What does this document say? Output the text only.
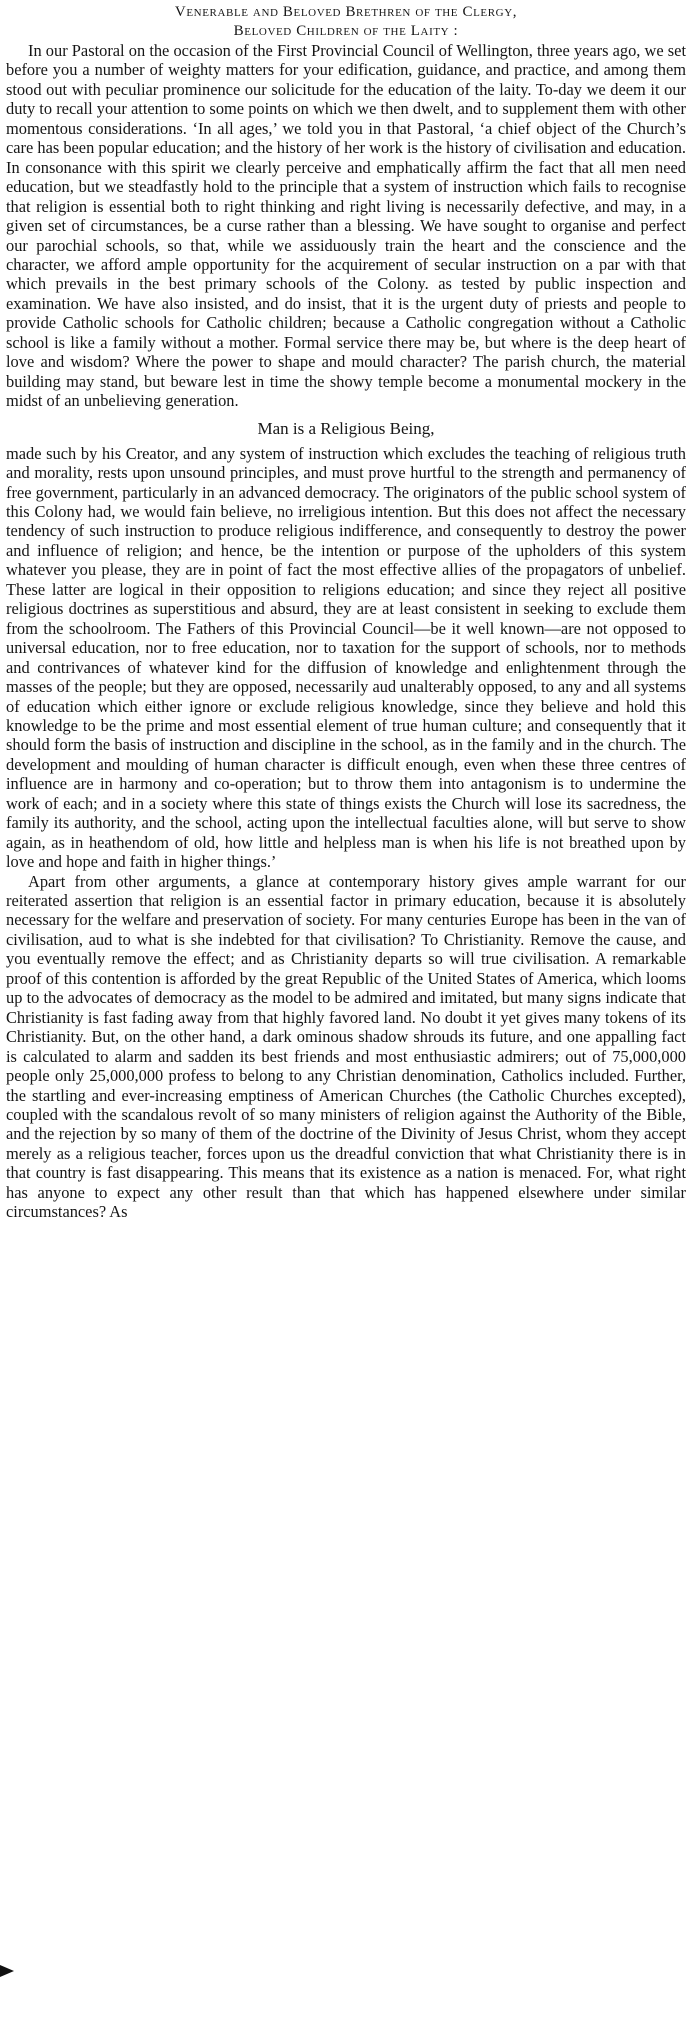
Venerable and Beloved Brethren of the Clergy,

Beloved Children of the Laity :

In our Pastoral on the occasion of the First Provincial Council of Wellington, three years ago, we set before you a number of weighty matters for your edification, guidance, and practice, and among them stood out with peculiar prominence our solicitude for the education of the laity. To-day we deem it our duty to recall your attention to some points on which we then dwelt, and to supplement them with other momentous considerations. ‘In all ages,’ we told you in that Pastoral, ‘a chief object of the Church’s care has been popular education; and the history of her work is the history of civilisation and education. In consonance with this spirit we clearly perceive and emphatically affirm the fact that all men need education, but we steadfastly hold to the principle that a system of instruction which fails to recognise that religion is essential both to right thinking and right living is necessarily defective, and may, in a given set of circumstances, be a curse rather than a blessing. We have sought to organise and perfect our parochial schools, so that, while we assiduously train the heart and the conscience and the character, we afford ample opportunity for the acquirement of secular instruction on a par with that which prevails in the best primary schools of the Colony. as tested by public inspection and examination. We have also insisted, and do insist, that it is the urgent duty of priests and people to provide Catholic schools for Catholic children; because a Catholic congregation without a Catholic school is like a family without a mother. Formal service there may be, but where is the deep heart of love and wisdom? Where the power to shape and mould character? The parish church, the material building may stand, but beware lest in time the showy temple become a monumental mockery in the midst of an unbelieving generation.

Man is a Religious Being,

made such by his Creator, and any system of instruction which excludes the teaching of religious truth and morality, rests upon unsound principles, and must prove hurtful to the strength and permanency of free government, particularly in an advanced democracy. The originators of the public school system of this Colony had, we would fain believe, no irreligious intention. But this does not affect the necessary tendency of such instruction to produce religious indifference, and consequently to destroy the power and influence of religion; and hence, be the intention or purpose of the upholders of this system whatever you please, they are in point of fact the most effective allies of the propagators of unbelief. These latter are logical in their opposition to religions education; and since they reject all positive religious doctrines as superstitious and absurd, they are at least consistent in seeking to exclude them from the schoolroom. The Fathers of this Provincial Council—be it well known—are not opposed to universal education, nor to free education, nor to taxation for the support of schools, nor to methods and contrivances of whatever kind for the diffusion of knowledge and enlightenment through the masses of the people; but they are opposed, necessarily aud unalterably opposed, to any and all systems of education which either ignore or exclude religious knowledge, since they believe and hold this knowledge to be the prime and most essential element of true human culture; and consequently that it should form the basis of instruction and discipline in the school, as in the family and in the church. The development and moulding of human character is difficult enough, even when these three centres of influence are in harmony and co-operation; but to throw them into antagonism is to undermine the work of each; and in a society where this state of things exists the Church will lose its sacredness, the family its authority, and the school, acting upon the intellectual faculties alone, will but serve to show again, as in heathendom of old, how little and helpless man is when his life is not breathed upon by love and hope and faith in higher things.’

Apart from other arguments, a glance at contemporary history gives ample warrant for our reiterated assertion that religion is an essential factor in primary education, because it is absolutely necessary for the welfare and preservation of society. For many centuries Europe has been in the van of civilisation, aud to what is she indebted for that civilisation? To Christianity. Remove the cause, and you eventually remove the effect; and as Christianity departs so will true civilisation. A remarkable proof of this contention is afforded by the great Republic of the United States of America, which looms up to the advocates of democracy as the model to be admired and imitated, but many signs indicate that Christianity is fast fading away from that highly favored land. No doubt it yet gives many tokens of its Christianity. But, on the other hand, a dark ominous shadow shrouds its future, and one appalling fact is calculated to alarm and sadden its best friends and most enthusiastic admirers; out of 75,000,000 people only 25,000,000 profess to belong to any Christian denomination, Catholics included. Further, the startling and ever-increasing emptiness of American Churches (the Catholic Churches excepted), coupled with the scandalous revolt of so many ministers of religion against the Authority of the Bible, and the rejection by so many of them of the doctrine of the Divinity of Jesus Christ, whom they accept merely as a religious teacher, forces upon us the dreadful conviction that what Christianity there is in that country is fast disappearing. This means that its existence as a nation is menaced. For, what right has anyone to expect any other result than that which has happened elsewhere under similar circumstances? As
